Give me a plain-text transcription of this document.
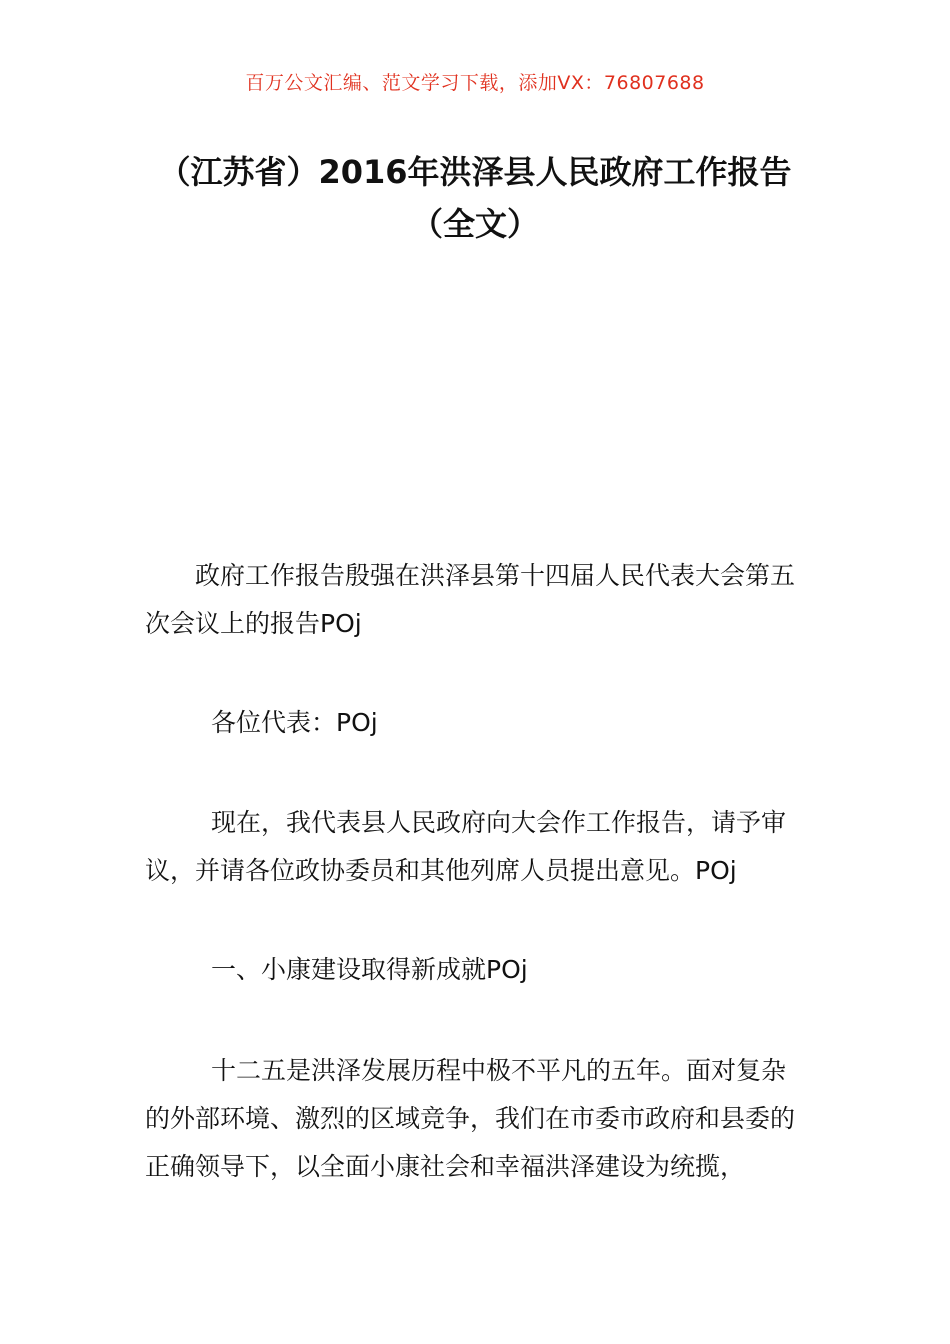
百万公文汇编、范文学习下载，添加VX：76807688
（江苏省）2016年洪泽县人民政府工作报告（全文）

政府工作报告殷强在洪泽县第十四届人民代表大会第五次会议上的报告POj

各位代表：POj

现在，我代表县人民政府向大会作工作报告，请予审议，并请各位政协委员和其他列席人员提出意见。POj

一、小康建设取得新成就POj

十二五是洪泽发展历程中极不平凡的五年。面对复杂的外部环境、激烈的区域竞争，我们在市委市政府和县委的正确领导下，以全面小康社会和幸福洪泽建设为统揽，
